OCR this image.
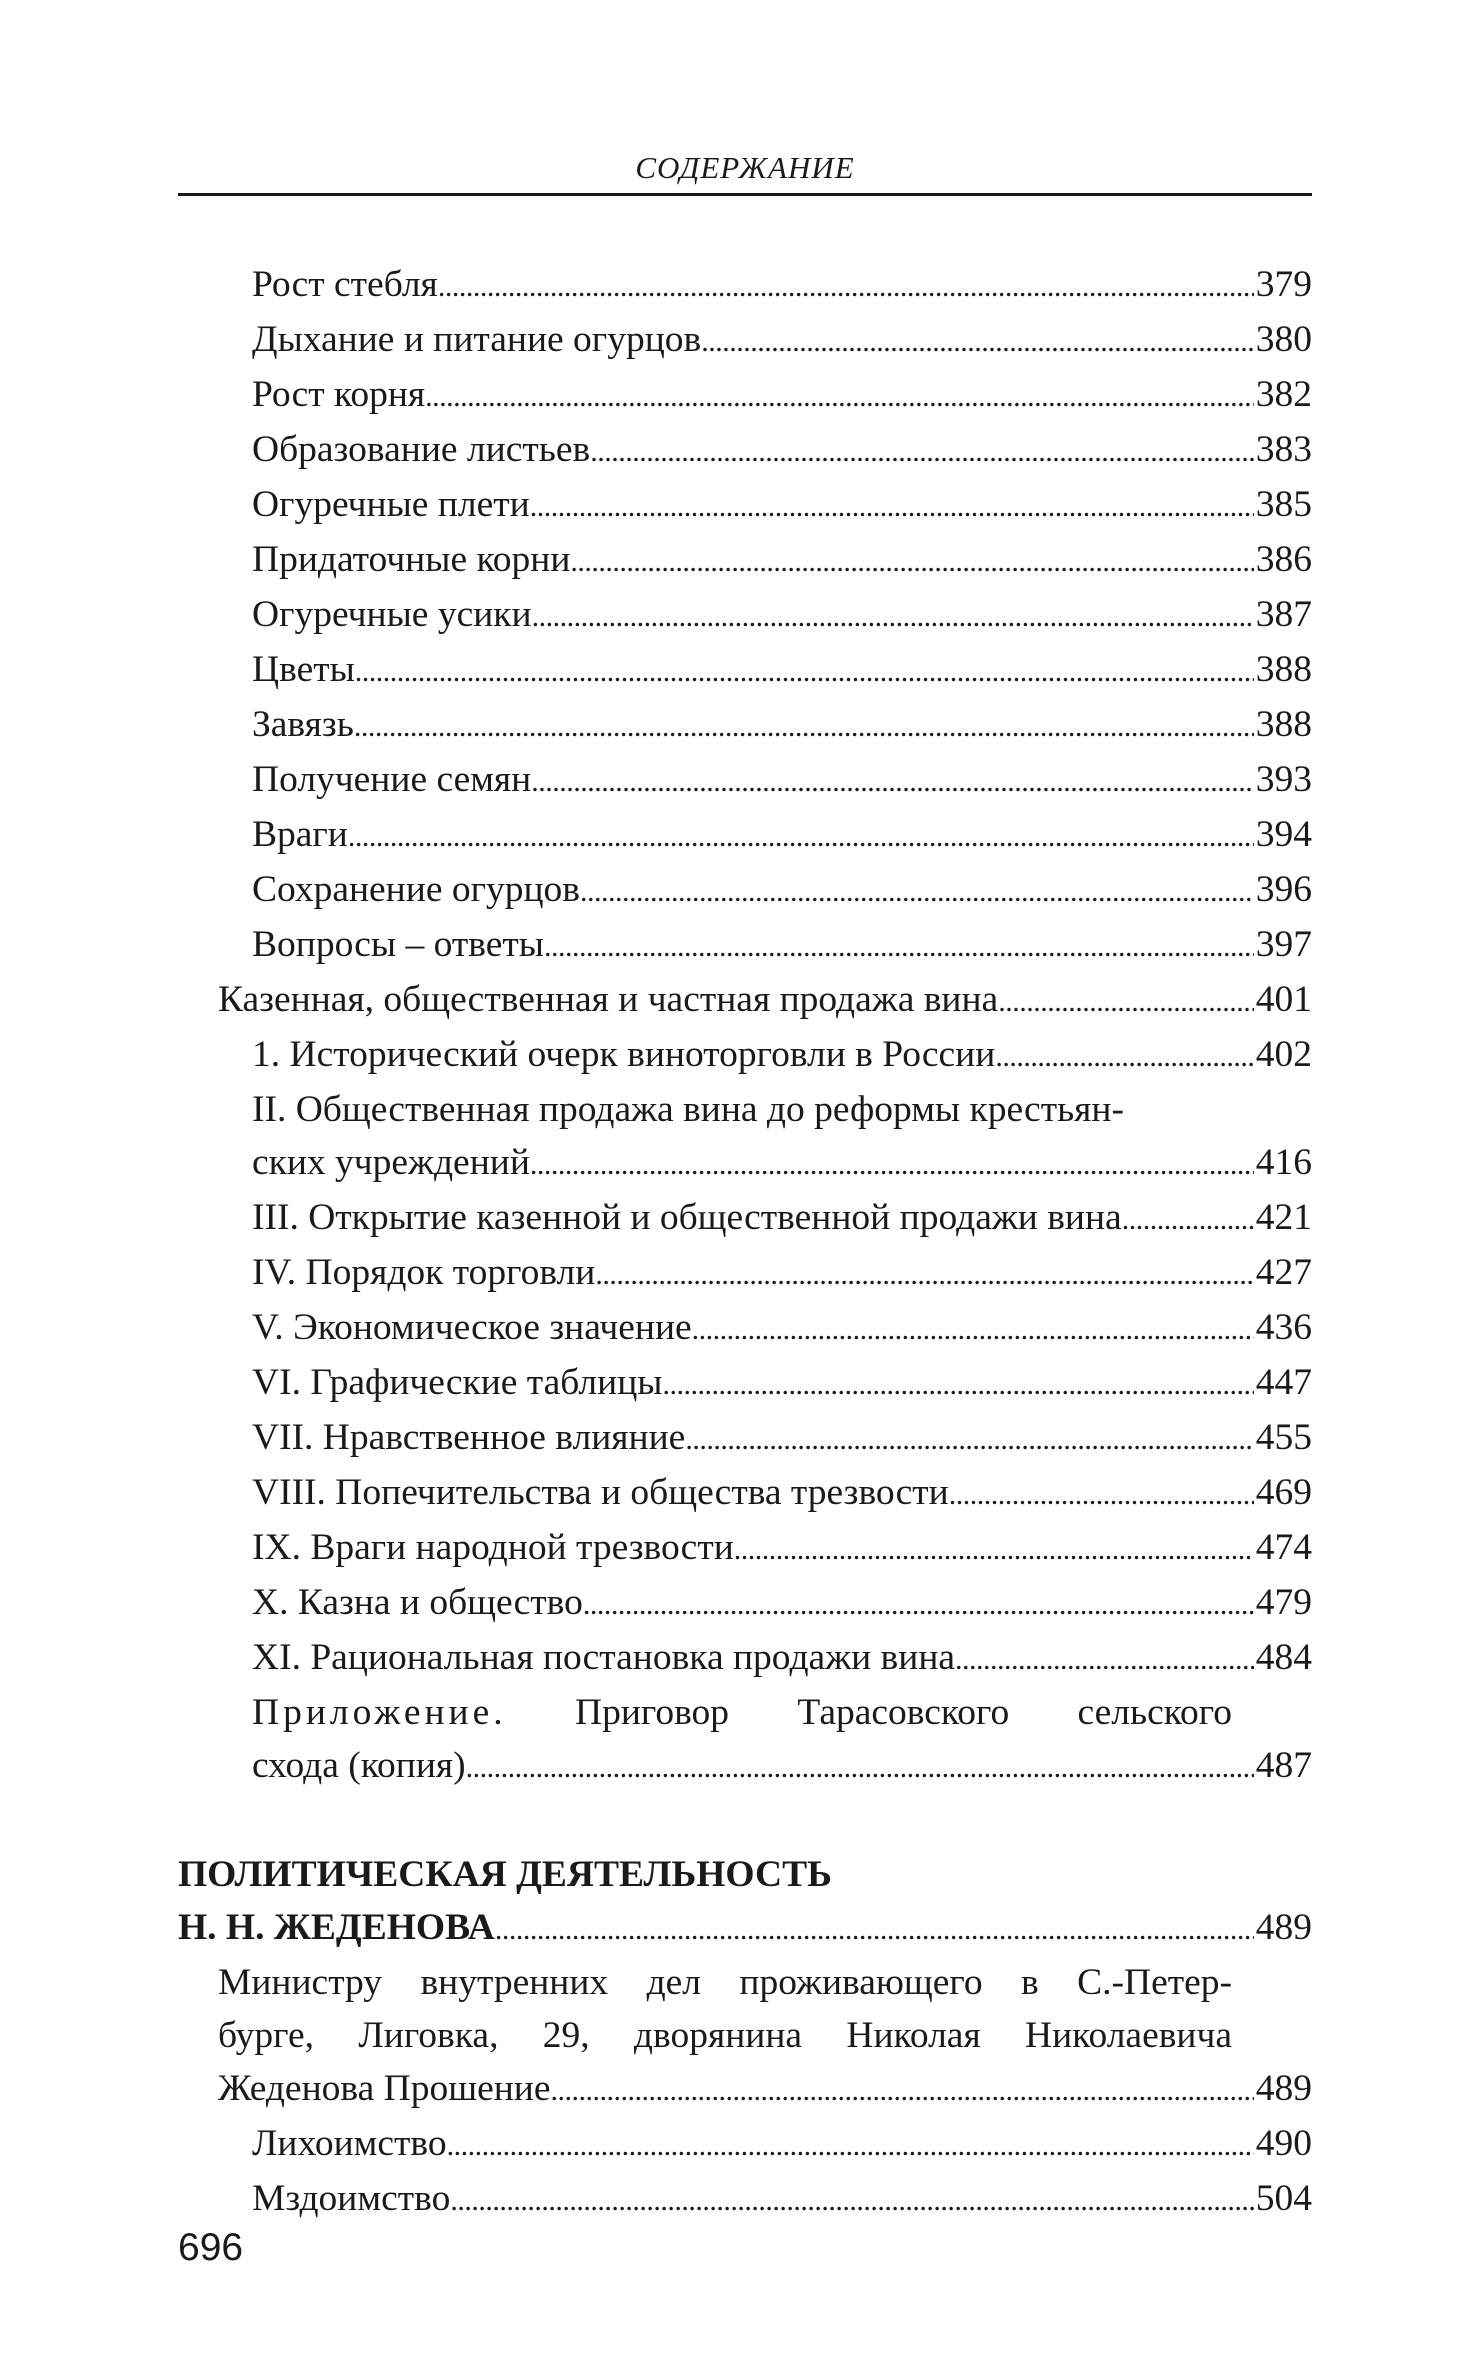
СОДЕРЖАНИЕ
Рост стебля . . .	379
Дыхание и питание огурцов . . .	380
Рост корня . . .	382
Образование листьев . . .	383
Огуречные плети . . .	385
Придаточные корни . . .	386
Огуречные усики . . .	387
Цветы . . .	388
Завязь . . .	388
Получение семян . . .	393
Враги . . .	394
Сохранение огурцов . . .	396
Вопросы – ответы . . .	397
Казенная, общественная и частная продажа вина . . .	401
1. Исторический очерк виноторговли в России . . .	402
II. Общественная продажа вина до реформы крестьян-
ских учреждений . . .	416
III. Открытие казенной и общественной продажи вина . . .	421
IV. Порядок торговли . . .	427
V. Экономическое значение . . .	436
VI. Графические таблицы . . .	447
VII. Нравственное влияние . . .	455
VIII. Попечительства и общества трезвости . . .	469
IX. Враги народной трезвости . . .	474
X. Казна и общество . . .	479
XI. Рациональная постановка продажи вина . . .	484
Приложение. Приговор Тарасовского сельского
схода (копия) . . .	487
ПОЛИТИЧЕСКАЯ ДЕЯТЕЛЬНОСТЬ
Н. Н. ЖЕДЕНОВА . . .	489
Министру внутренних дел проживающего в С.-Петер-
бурге, Лиговка, 29, дворянина Николая Николаевича
Жеденова Прошение . . .	489
Лихоимство . . .	490
Мздоимство . . .	504
696
